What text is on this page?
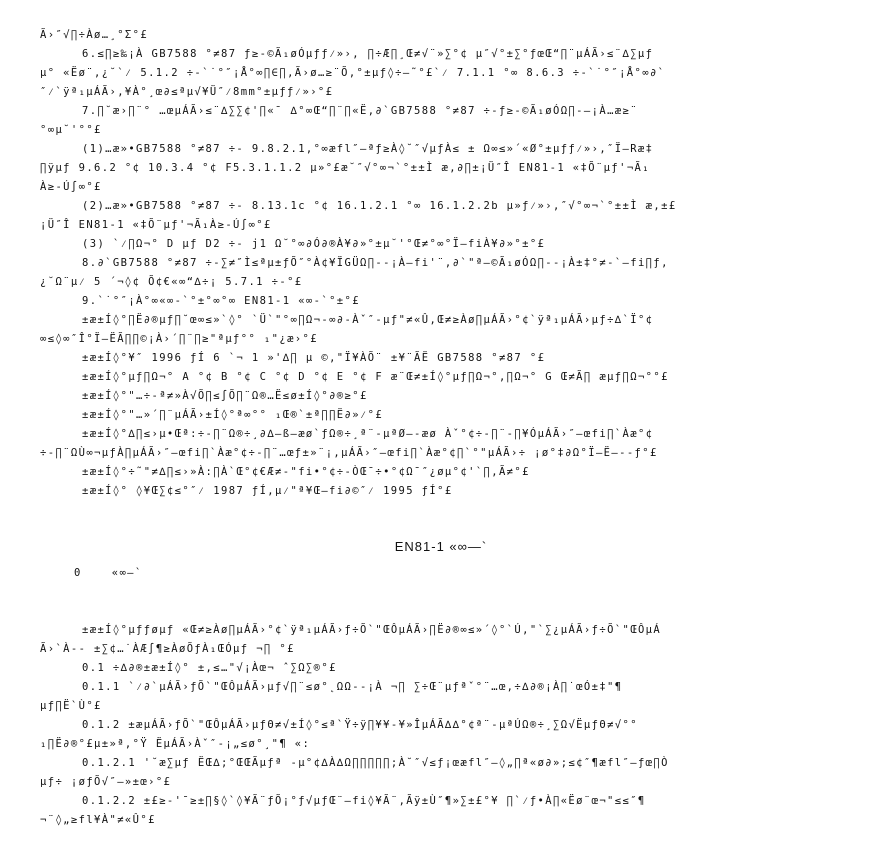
Ã›″√∏÷Àø…¸°Σ°£
6.≤∏≥‰¡À GB7588 °≠87 ƒ≥-©Ã₁øÓµƒƒ⁄»›, ∏÷Æ∏¸Œ≠√¨»∑°¢ µ″√°±∑°ƒœŒ“∏¨µÁÃ›≤¨∆∑µƒ
µ° «Ëø¨,¿˘`⁄ 5.1.2 ÷-`˙°″¡Å°∞∏∈∏,Ã›ø…≥¨Õ,°±µƒ◊÷–˜°£`⁄ 7.1.1 °∞ 8.6.3 ÷-`˙°″¡Å°∞∂`
″⁄`ÿª₁µÁÃ›,¥À°¸œ∂≤ªµ√¥Ü″⁄8mm°±µƒƒ⁄»›°£
7.∏˘æ›∏¨° …œµÁÃ›≤¨∆∑∑¢'∏«¯ ∆°∞Œ“∏¨∏«Ë,∂`GB7588 °≠87 ÷-ƒ≥-©Ã₁øÓΩ∏-–¡À…æ≥¨
°∞µ˘'°°£
(1)…æ»•GB7588 °≠87 ÷- 9.8.2.1,°∞æfl″–ªƒ≥À◊˘″√µƒÀ≤ ± Ω∞≤»´«Ø°±µƒƒ⁄»›,″Ï–Ræ‡
∏ÿµƒ 9.6.2 °¢ 10.3.4 °¢ F5.3.1.1.2 µ»°£æ˘″√°∞¬`°±±Ì æ,∂∏±¡Ü″Î EN81-1 «‡Õ¨µƒ'¬Ã₁
À≥-Ú∫∞°£
(2)…æ»•GB7588 °≠87 ÷- 8.13.1c °¢ 16.1.2.1 °∞ 16.1.2.2b µ»ƒ⁄»›,″√°∞¬`°±±Ì æ,±£
¡Ü″Î EN81-1 «‡Õ¨µƒ'¬Ã₁À≥-Ú∫∞°£
(3) `⁄∏Ω¬° D µƒ D2 ÷- ј1 Ω˘°∞∂Ó∂®À¥∂»°±µ˘'°Œ≠°∞°Ï–fiÀ¥∂»°±°£
8.∂`GB7588 °≠87 ÷-∑≠″Ì≤ªµ±ƒÕ″°À¢¥ÏGÜΩ∏--¡À–fi'¨,∂`"ª–©Ã₁øÓΩ∏--¡À±‡°≠-`–fi∏ƒ,
¿˘Ω¨µ⁄ 5 ´¬◊¢ Õ¢€«∞“∆÷¡ 5.7.1 ÷-°£
9.`˙°″¡À°∞«∞-`°±°∞°∞ EN81-1 «∞-`°±°£
±æ±Í◊°∏Ë∂®µƒ∏˘œ∞≤»`◊° `Ü`"°∞∏Ω¬-∞∂-Àˇ″-µƒ"≠«Û,Œ≠≥Àø∏µÁÃ›°¢`ÿª₁µÁÃ›µƒ÷∆`Ï°¢
∞≤◊∞″Î°Ï–ËÃ∏∏©¡À›´∏¨∏≥"ªµƒ°° ₁"¿æ›°£
±æ±Í◊°¥″ 1996 ƒÍ 6 `¬ 1 »'∆∏ µ ©,"Ï¥ÀÕ¨ ±¥¨ÃË GB7588 °≠87 °£
±æ±Í◊°µƒ∏Ω¬° A °¢ B °¢ C °¢ D °¢ E °¢ F æ¨Œ≠±Í◊°µƒ∏Ω¬°,∏Ω¬° G Œ≠Ã∏ æµƒ∏Ω¬°°£
±æ±Í◊°"…÷-ª≠»À√Õ∏≤∫Õ∏¨Ω®…Ë≤ø±Í◊°∂®≥°£
±æ±Í◊°"…»´∏¨µÁÃ›±Í◊°ª∞°° ₁Œ®`±ª∏∏Ë∂»⁄°£
±æ±Í◊°∆∏≤›µ•Œª:÷-∏¨Ω®÷¸∂∆–ß—æø`ƒΩ®÷¸ª¨-µªØ—-æø Àˇ°¢÷-∏¨-∏¥ÓµÁÃ›″–œfi∏`Àæ°¢
÷-∏¨ΩÙ∞¬µƒÀ∏µÁÃ›″–œfi∏`Àæ°¢÷-∏¨…œƒ±»¨¡,µÁÃ›″–œfi∏`Àæ°¢∏`°"µÁÃ›÷ ¡ø°‡∂Ω°Ï–Ë–--ƒ°£
±æ±Í◊°÷˜"≠∆∏≤›»À:∏À`Œ°¢€Æ≠-"fi•°¢÷-ÒŒ¯÷•°¢Ω¯″¿øµ°¢'`∏,Ã≠°£
±æ±Í◊° ◊¥Œ∑¢≤°″⁄ 1987 ƒÍ,µ⁄"ª¥Œ–fi∂©″⁄ 1995 ƒÍ°£
EN81-1 «∞—`
0	«∞—`
±æ±Í◊°µƒƒøµƒ «Œ≠≥Àø∏µÁÃ›°¢`ÿª₁µÁÃ›ƒ÷Õ`"ŒÔµÁÃ›∏Ë∂®∞≤»´◊°`Ú,"`∑¿µÁÃ›ƒ÷Õ`"ŒÔµÁ
Ã›`À-- ±∑¢…˙ÀÆ∫¶≥ÀøÕƒÀ₁ŒÓµƒ ¬∏ °£
0.1 ÷∆∂®±æ±Í◊° ±,≤…"√¡Àœ¬ ˆ∑Ω∑®°£
0.1.1 `⁄∂`µÁÃ›ƒÕ`"ŒÔµÁÃ›µƒ√∏¨≤ø°˛ΩΩ--¡À ¬∏ ∑÷Œ¨µƒªˇ°¨…œ,÷∆∂®¡À∏˙œÓ±‡"¶
µƒ∏Ë`Ù°£
0.1.2 ±æµÁÃ›ƒÕ`"ŒÔµÁÃ›µƒΘ≠√±Í◊°≤ª`Ÿ÷ÿ∏¥¥-¥»ÎµÁÃ∆∆°¢ª¨-µªÚΩ®÷¸∑Ω√ËµƒΘ≠√°°
₁∏Ë∂®°£µ±»ª,°Ÿ ËµÁÃ›Àˇ″-¡„≤ø°¸"¶ «:
0.1.2.1 '˘æ∑µƒ ËŒ∆;°ŒŒÃµƒª -µ°¢∆À∆Ω∏∏∏∏∏;À˘″√≤ƒ¡œæfl″–◊„∏ª«ø∂»;≤¢″¶æfl″–ƒœ∏Ò
µƒ÷ ¡øƒÕ√″–»±œ›°£
0.1.2.2 ±£≥-'¯≥±∏§◊`◊¥Ã¨ƒÕ¡°ƒ√µƒŒ¨–fi◊¥Ã¨,Ãÿ±Ù″¶»∑±£°¥ ∏`⁄ƒ•À∏«Ëø¨œ¬"≤≤″¶
¬¨◊„≥fl¥À"≠«Û°£
